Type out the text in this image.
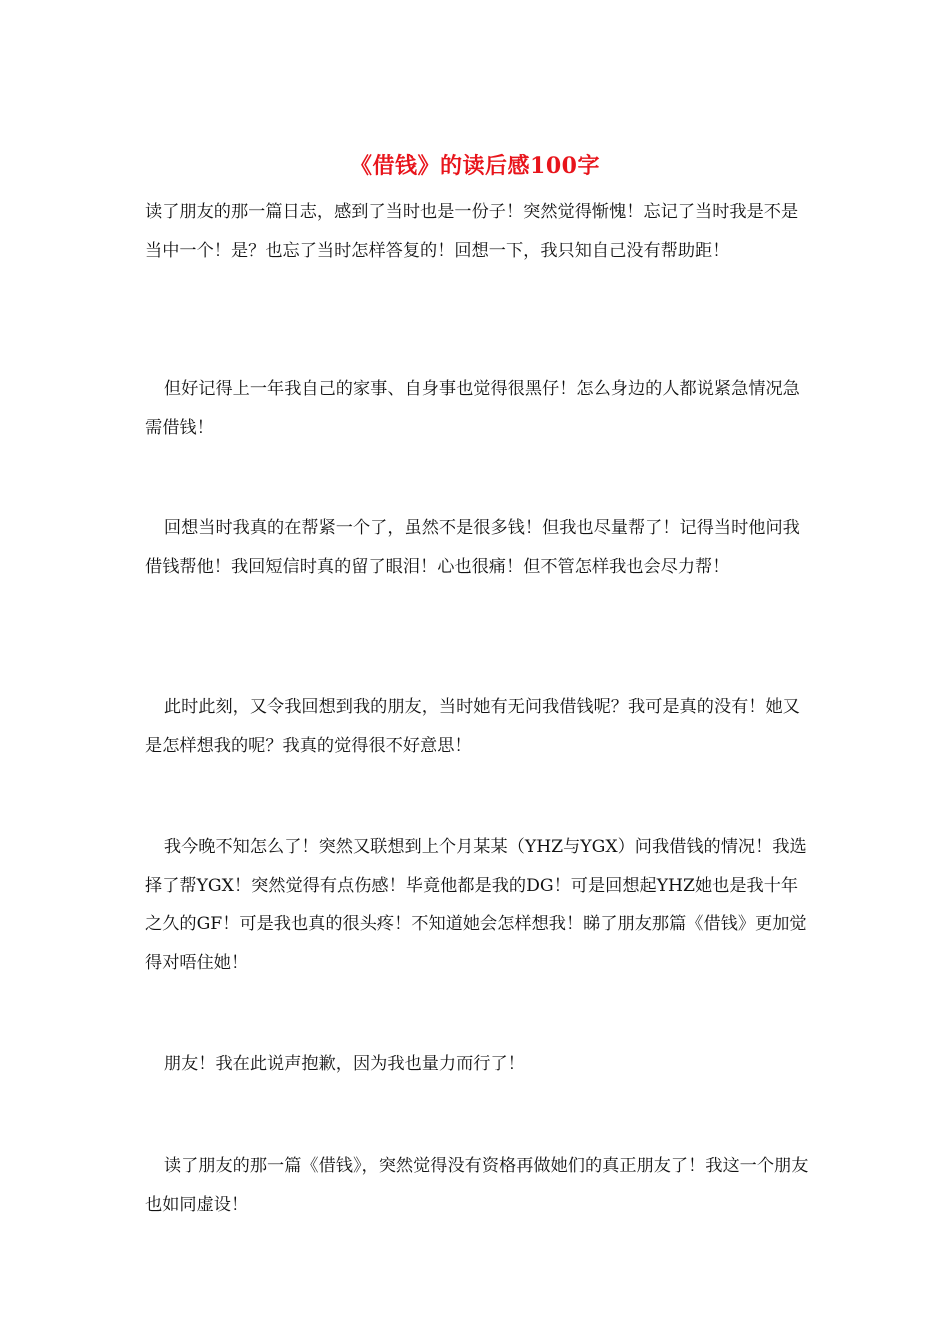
《借钱》的读后感100字

读了朋友的那一篇日志，感到了当时也是一份子！突然觉得惭愧！忘记了当时我是不是当中一个！是？也忘了当时怎样答复的！回想一下，我只知自己没有帮助距！

但好记得上一年我自己的家事、自身事也觉得很黑仔！怎么身边的人都说紧急情况急需借钱！

回想当时我真的在帮紧一个了，虽然不是很多钱！但我也尽量帮了！记得当时他问我借钱帮他！我回短信时真的留了眼泪！心也很痛！但不管怎样我也会尽力帮！

此时此刻，又令我回想到我的朋友，当时她有无问我借钱呢？我可是真的没有！她又是怎样想我的呢？我真的觉得很不好意思！

我今晚不知怎么了！突然又联想到上个月某某（YHZ与YGX）问我借钱的情况！我选择了帮YGX！突然觉得有点伤感！毕竟他都是我的DG！可是回想起YHZ她也是我十年之久的GF！可是我也真的很头疼！不知道她会怎样想我！睇了朋友那篇《借钱》更加觉得对唔住她！

朋友！我在此说声抱歉，因为我也量力而行了！

读了朋友的那一篇《借钱》，突然觉得没有资格再做她们的真正朋友了！我这一个朋友也如同虚设！
